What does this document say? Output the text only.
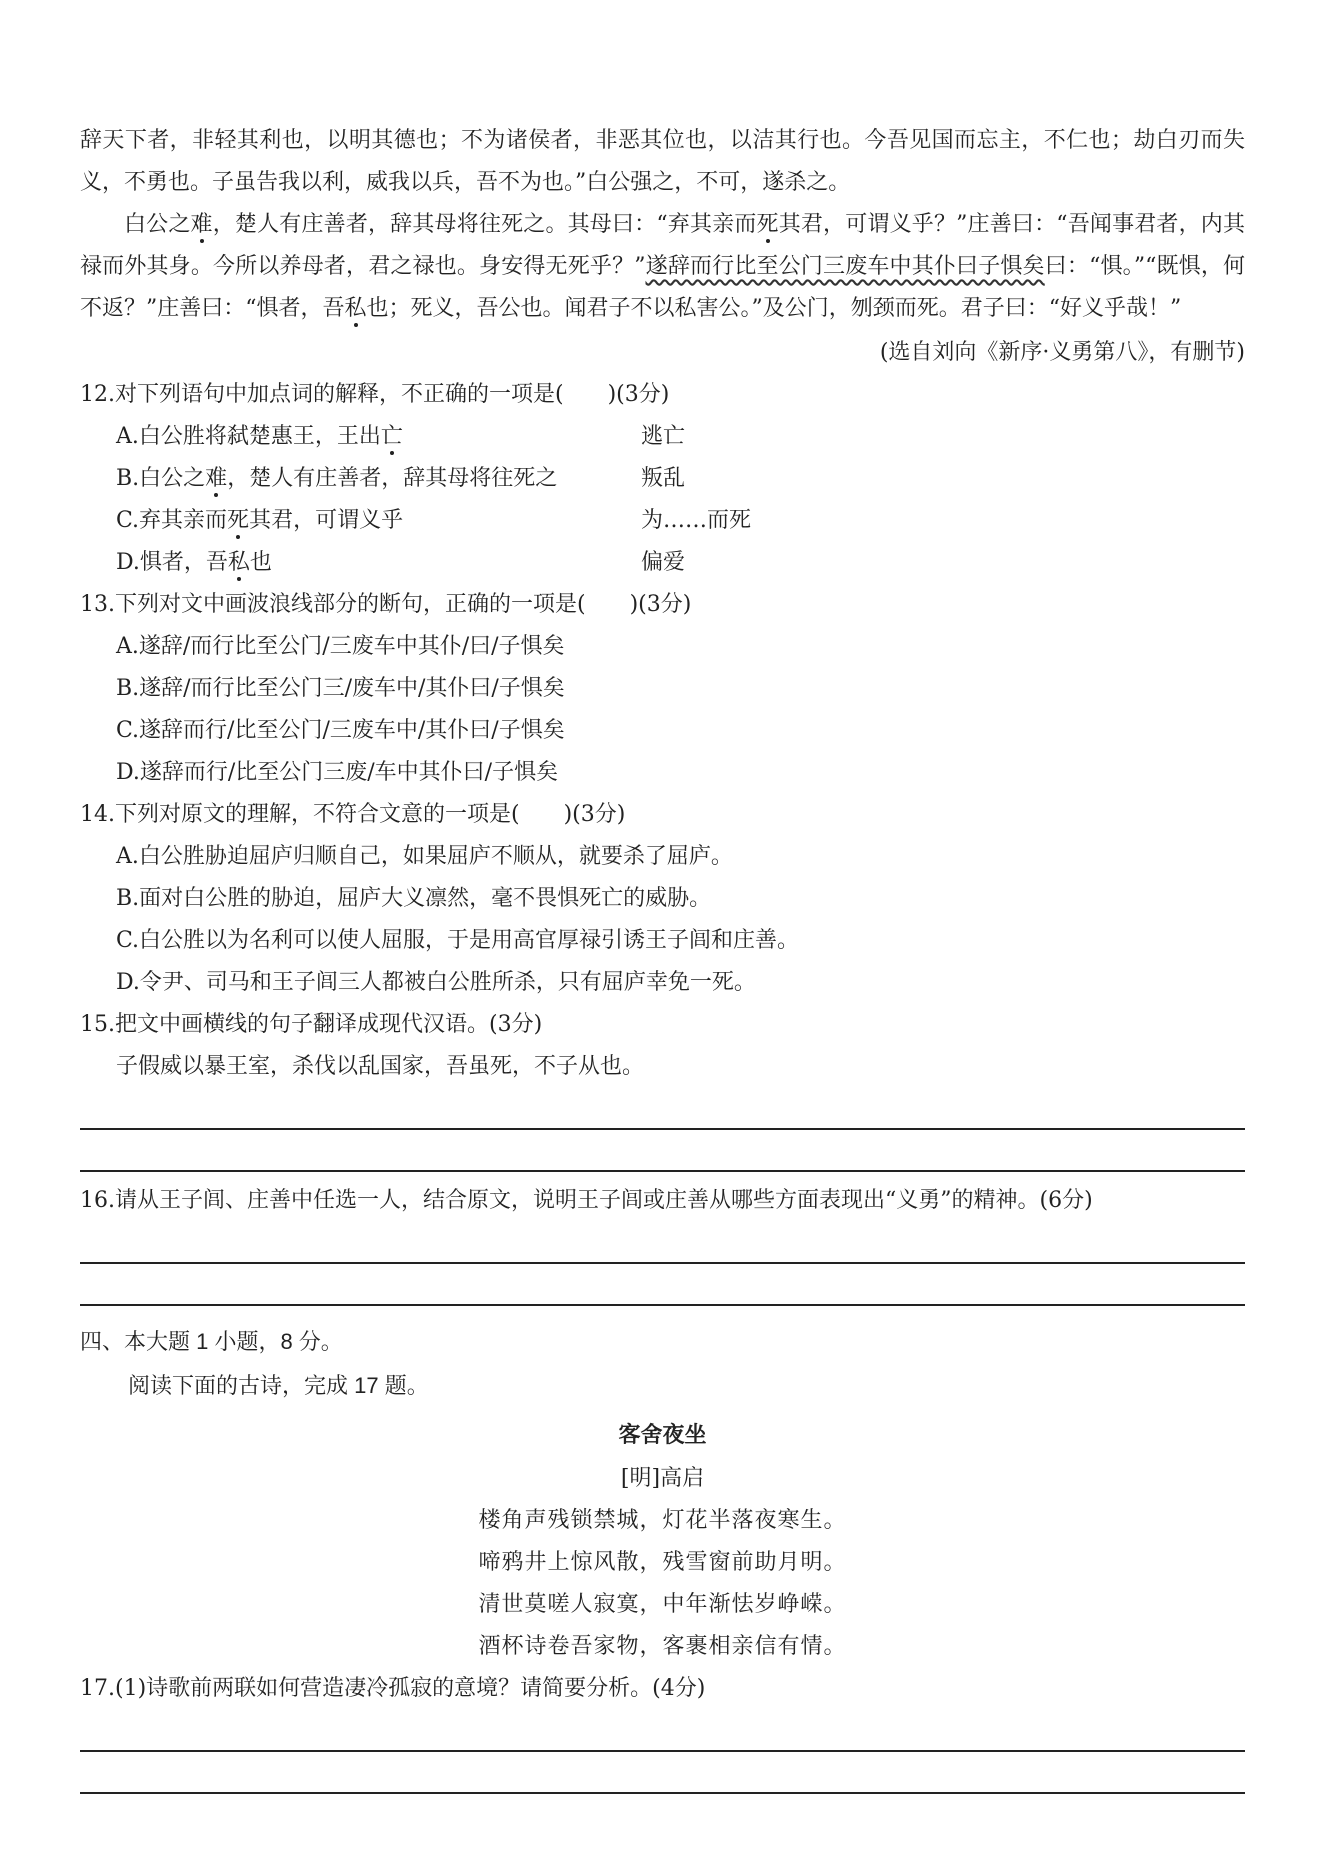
辞天下者，非轻其利也，以明其德也；不为诸侯者，非恶其位也，以洁其行也。今吾见国而忘主，不仁也；劫白刃而失义，不勇也。子虽告我以利，威我以兵，吾不为也。”白公强之，不可，遂杀之。

白公之难，楚人有庄善者，辞其母将往死之。其母曰：“弃其亲而死其君，可谓义乎？”庄善曰：“吾闻事君者，内其禄而外其身。今所以养母者，君之禄也。身安得无死乎？”遂辞而行比至公门三废车中其仆曰子惧矣曰：“惧。”“既惧，何不返？”庄善曰：“惧者，吾私也；死义，吾公也。闻君子不以私害公。”及公门，刎颈而死。君子曰：“好义乎哉！”

(选自刘向《新序·义勇第八》，有删节)
12.对下列语句中加点词的解释，不正确的一项是(　　)(3分)
A.白公胜将弑楚惠王，王出亡	逃亡
B.白公之难，楚人有庄善者，辞其母将往死之	叛乱
C.弃其亲而死其君，可谓义乎	为……而死
D.惧者，吾私也	偏爱
13.下列对文中画波浪线部分的断句，正确的一项是(　　)(3分)
A.遂辞/而行比至公门/三废车中其仆/曰/子惧矣
B.遂辞/而行比至公门三/废车中/其仆曰/子惧矣
C.遂辞而行/比至公门/三废车中/其仆曰/子惧矣
D.遂辞而行/比至公门三废/车中其仆曰/子惧矣
14.下列对原文的理解，不符合文意的一项是(　　)(3分)
A.白公胜胁迫屈庐归顺自己，如果屈庐不顺从，就要杀了屈庐。
B.面对白公胜的胁迫，屈庐大义凛然，毫不畏惧死亡的威胁。
C.白公胜以为名利可以使人屈服，于是用高官厚禄引诱王子闾和庄善。
D.令尹、司马和王子闾三人都被白公胜所杀，只有屈庐幸免一死。
15.把文中画横线的句子翻译成现代汉语。(3分)
子假威以暴王室，杀伐以乱国家，吾虽死，不子从也。
16.请从王子闾、庄善中任选一人，结合原文，说明王子闾或庄善从哪些方面表现出“义勇”的精神。(6分)
四、本大题 1 小题，8 分。
阅读下面的古诗，完成 17 题。
客舍夜坐
[明]高启
楼角声残锁禁城，灯花半落夜寒生。
啼鸦井上惊风散，残雪窗前助月明。
清世莫嗟人寂寞，中年渐怯岁峥嵘。
酒杯诗卷吾家物，客裹相亲信有情。
17.(1)诗歌前两联如何营造凄冷孤寂的意境？请简要分析。(4分)
